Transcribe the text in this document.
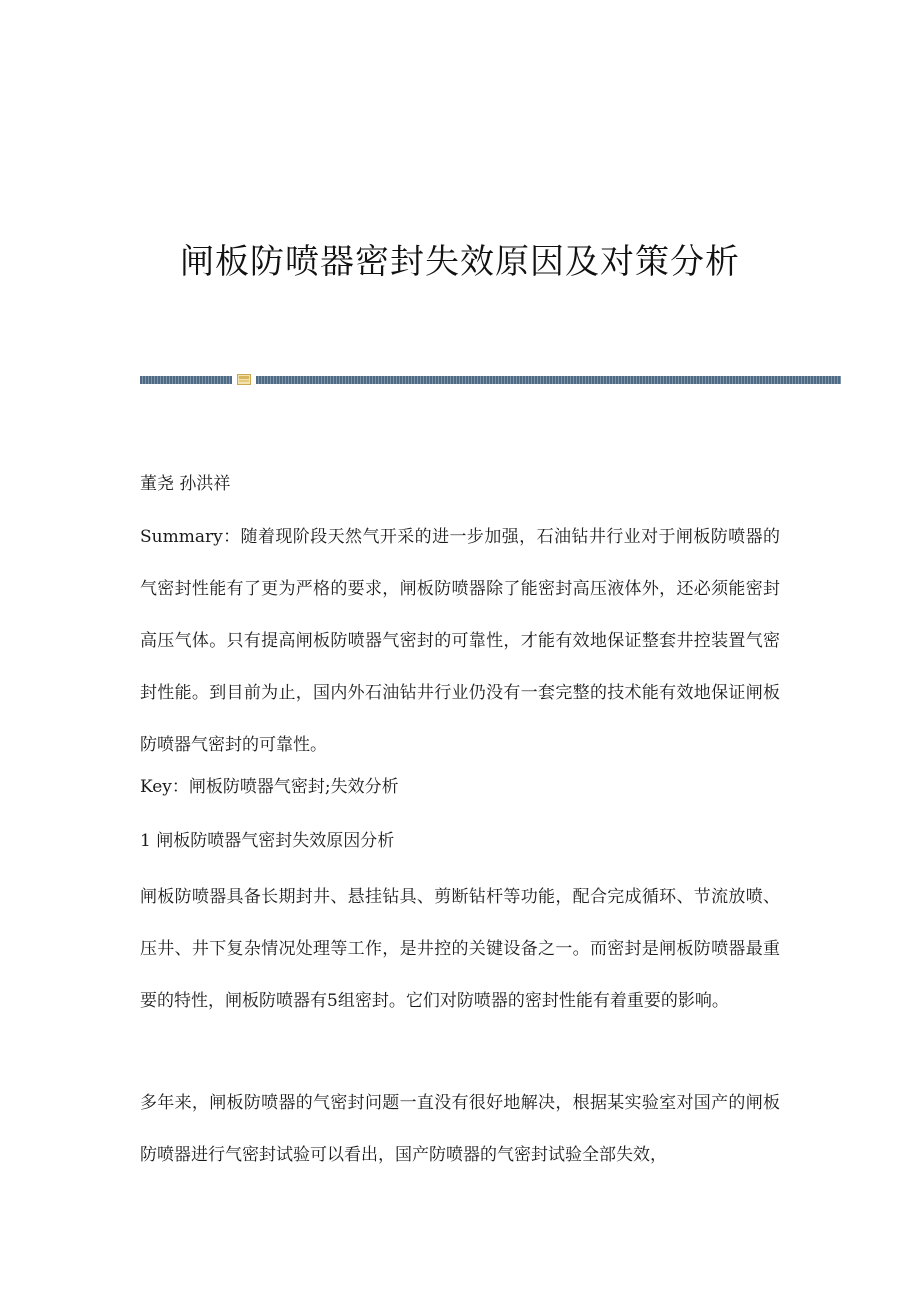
闸板防喷器密封失效原因及对策分析
董尧 孙洪祥
Summary：随着现阶段天然气开采的进一步加强，石油钻井行业对于闸板防喷器的气密封性能有了更为严格的要求，闸板防喷器除了能密封高压液体外，还必须能密封高压气体。只有提高闸板防喷器气密封的可靠性，才能有效地保证整套井控装置气密封性能。到目前为止，国内外石油钻井行业仍没有一套完整的技术能有效地保证闸板防喷器气密封的可靠性。
Key：闸板防喷器气密封;失效分析
1 闸板防喷器气密封失效原因分析
闸板防喷器具备长期封井、悬挂钻具、剪断钻杆等功能，配合完成循环、节流放喷、压井、井下复杂情况处理等工作，是井控的关键设备之一。而密封是闸板防喷器最重要的特性，闸板防喷器有5组密封。它们对防喷器的密封性能有着重要的影响。
多年来，闸板防喷器的气密封问题一直没有很好地解决，根据某实验室对国产的闸板防喷器进行气密封试验可以看出，国产防喷器的气密封试验全部失效，
